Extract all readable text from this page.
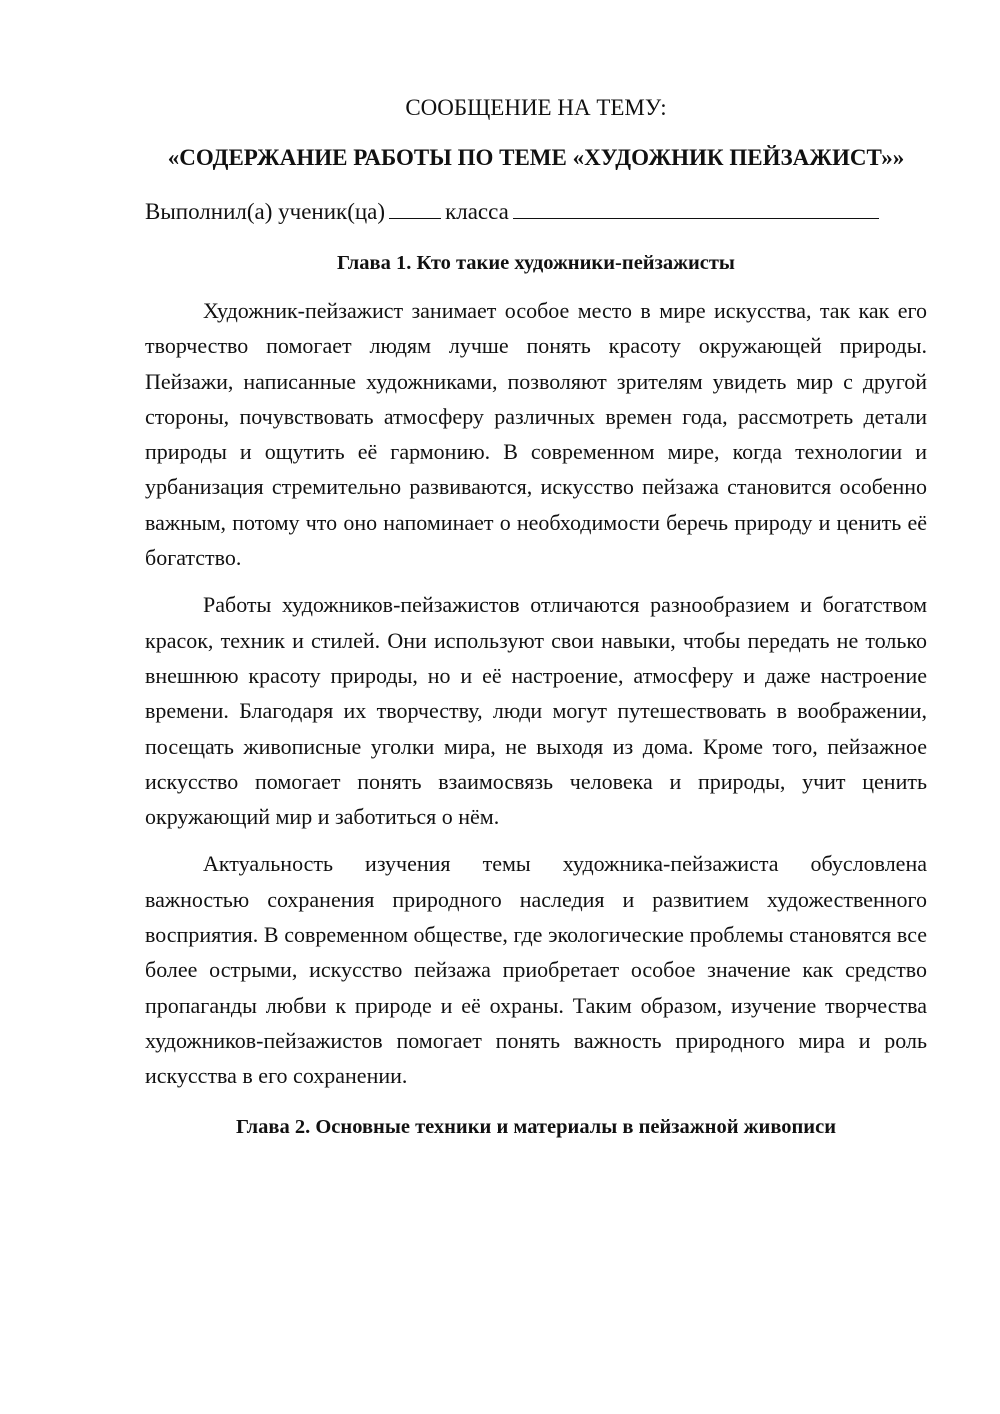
СООБЩЕНИЕ НА ТЕМУ:

«СОДЕРЖАНИЕ РАБОТЫ ПО ТЕМЕ «ХУДОЖНИК ПЕЙЗАЖИСТ»»

Выполнил(а) ученик(ца)	класса

Глава 1. Кто такие художники-пейзажисты

Художник-пейзажист занимает особое место в мире искусства, так как его творчество помогает людям лучше понять красоту окружающей природы. Пейзажи, написанные художниками, позволяют зрителям увидеть мир с другой стороны, почувствовать атмосферу различных времен года, рассмотреть детали природы и ощутить её гармонию. В современном мире, когда технологии и урбанизация стремительно развиваются, искусство пейзажа становится особенно важным, потому что оно напоминает о необходимости беречь природу и ценить её богатство.

Работы художников-пейзажистов отличаются разнообразием и богатством красок, техник и стилей. Они используют свои навыки, чтобы передать не только внешнюю красоту природы, но и её настроение, атмосферу и даже настроение времени. Благодаря их творчеству, люди могут путешествовать в воображении, посещать живописные уголки мира, не выходя из дома. Кроме того, пейзажное искусство помогает понять взаимосвязь человека и природы, учит ценить окружающий мир и заботиться о нём.

Актуальность изучения темы художника-пейзажиста обусловлена важностью сохранения природного наследия и развитием художественного восприятия. В современном обществе, где экологические проблемы становятся все более острыми, искусство пейзажа приобретает особое значение как средство пропаганды любви к природе и её охраны. Таким образом, изучение творчества художников-пейзажистов помогает понять важность природного мира и роль искусства в его сохранении.

Глава 2. Основные техники и материалы в пейзажной живописи
